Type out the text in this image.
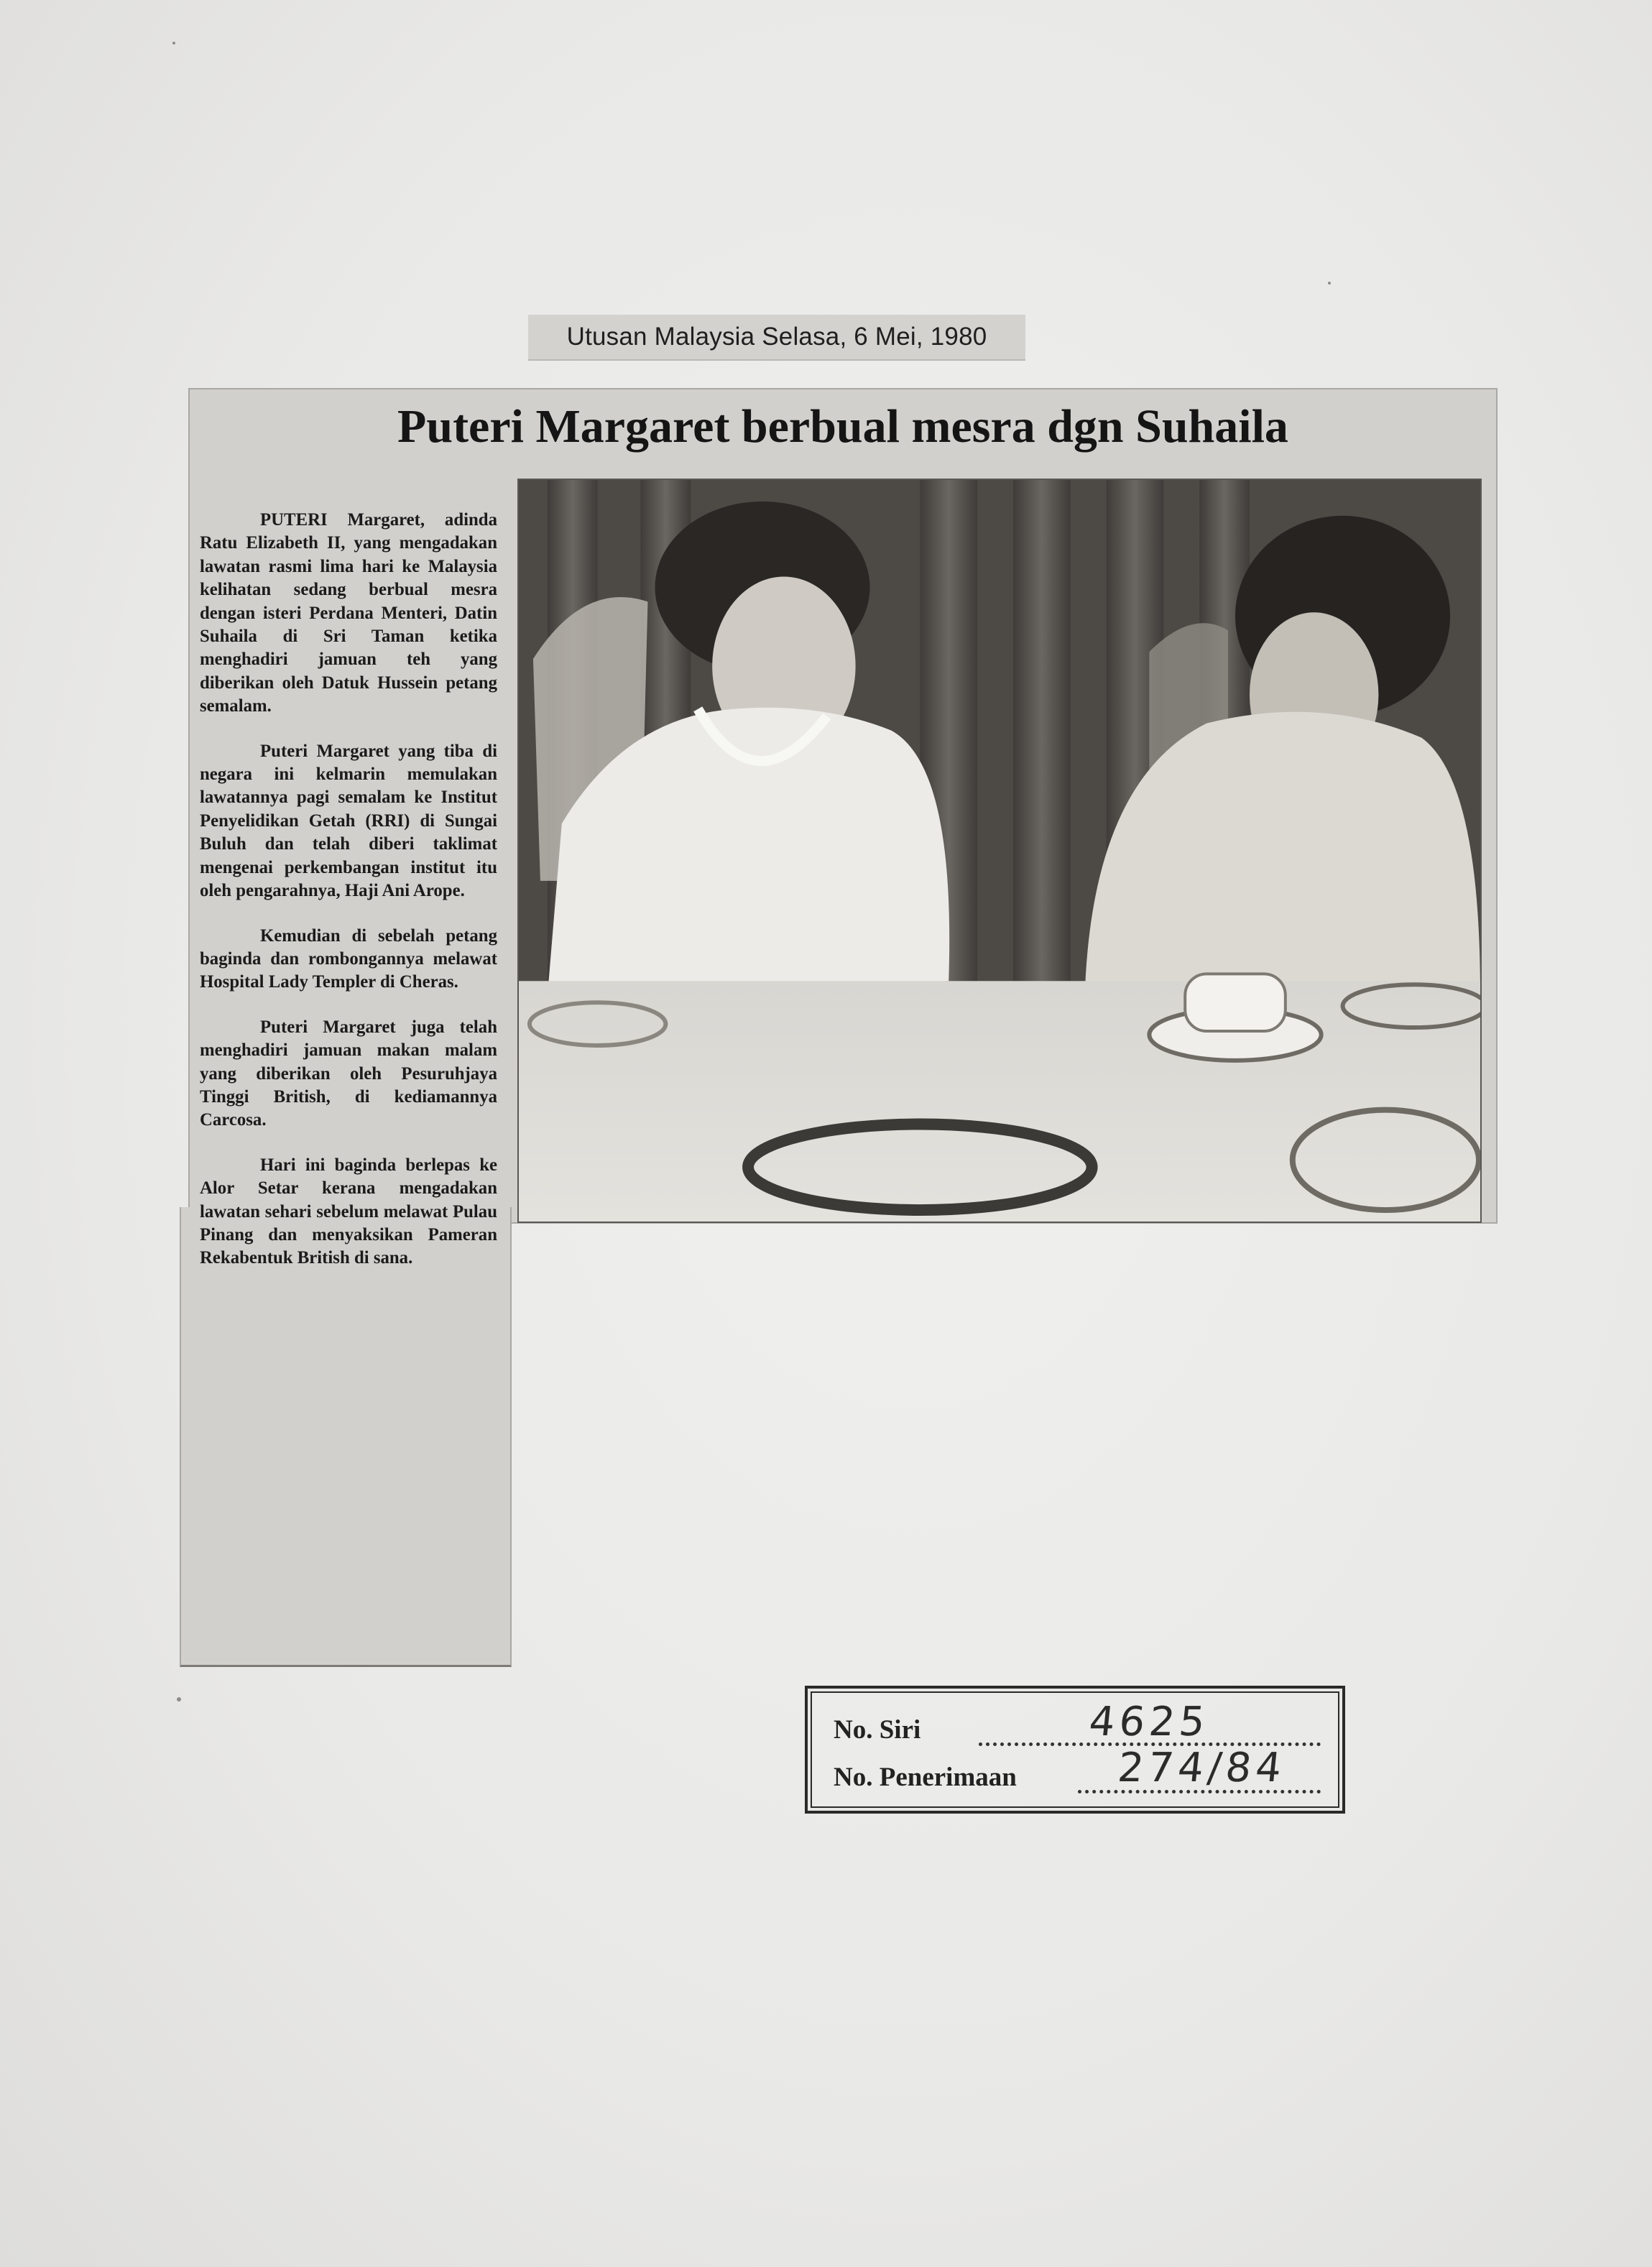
Utusan Malaysia Selasa, 6 Mei, 1980
Puteri Margaret berbual mesra dgn Suhaila

PUTERI Margaret, adinda Ratu Elizabeth II, yang mengadakan lawatan rasmi lima hari ke Malaysia kelihatan sedang berbual mesra dengan isteri Perdana Menteri, Datin Suhaila di Sri Taman ketika menghadiri jamuan teh yang diberikan oleh Datuk Hussein petang semalam.

Puteri Margaret yang tiba di negara ini kelmarin memulakan lawatannya pagi semalam ke Institut Penyelidikan Getah (RRI) di Sungai Buluh dan telah diberi taklimat mengenai perkembangan institut itu oleh pengarahnya, Haji Ani Arope.

Kemudian di sebelah petang baginda dan rombongannya melawat Hospital Lady Templer di Cheras.

Puteri Margaret juga telah menghadiri jamuan makan malam yang diberikan oleh Pesuruhjaya Tinggi British, di kediamannya Carcosa.

Hari ini baginda berlepas ke Alor Setar kerana mengadakan lawatan sehari sebelum melawat Pulau Pinang dan menyaksikan Pameran Rekabentuk British di sana.

No. Siri	4625
No. Penerimaan 274/84
